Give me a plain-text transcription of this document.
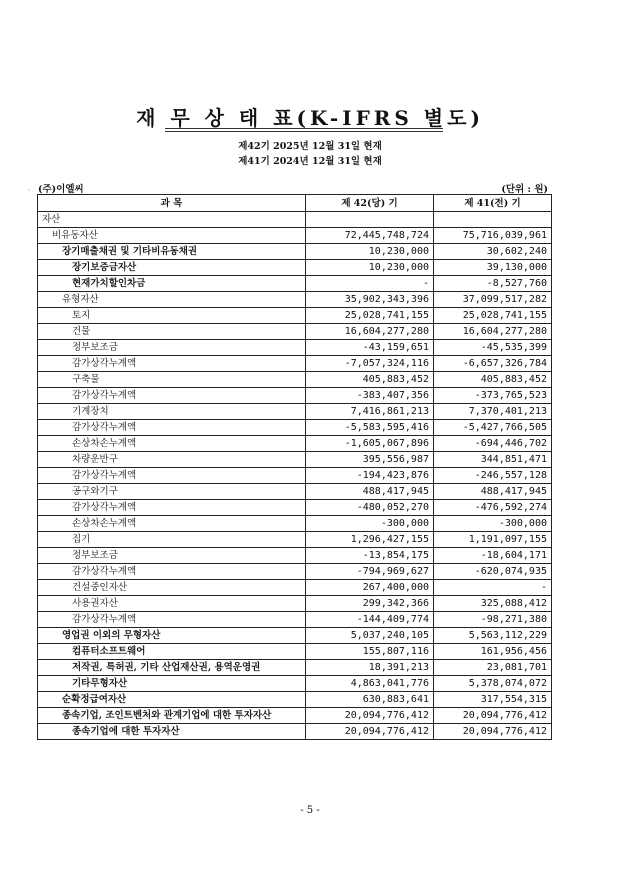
재 무 상 태 표(K-IFRS 별도)
제42기 2025년 12월 31일 현재
제41기 2024년 12월 31일 현재
ˏ (주)이엘씨	(단위 : 원)
과 목	제 42(당) 기	제 41(전) 기
자산		
비유동자산	72,445,748,724	75,716,039,961
장기매출채권 및 기타비유동채권	10,230,000	30,602,240
장기보증금자산	10,230,000	39,130,000
현재가치할인차금	-	-8,527,760
유형자산	35,902,343,396	37,099,517,282
토지	25,028,741,155	25,028,741,155
건물	16,604,277,280	16,604,277,280
정부보조금	-43,159,651	-45,535,399
감가상각누계액	-7,057,324,116	-6,657,326,784
구축물	405,883,452	405,883,452
감가상각누계액	-383,407,356	-373,765,523
기계장치	7,416,861,213	7,370,401,213
감가상각누계액	-5,583,595,416	-5,427,766,505
손상차손누계액	-1,605,067,896	-694,446,702
차량운반구	395,556,987	344,851,471
감가상각누계액	-194,423,876	-246,557,128
공구와기구	488,417,945	488,417,945
감가상각누계액	-480,052,270	-476,592,274
손상차손누계액	-300,000	-300,000
집기	1,296,427,155	1,191,097,155
정부보조금	-13,854,175	-18,604,171
감가상각누계액	-794,969,627	-620,074,935
건설중인자산	267,400,000	-
사용권자산	299,342,366	325,088,412
감가상각누계액	-144,409,774	-98,271,380
영업권 이외의 무형자산	5,037,240,105	5,563,112,229
컴퓨터소프트웨어	155,807,116	161,956,456
저작권, 특허권, 기타 산업재산권, 용역운영권	18,391,213	23,081,701
기타무형자산	4,863,041,776	5,378,074,072
순확정급여자산	630,883,641	317,554,315
종속기업, 조인트벤처와 관계기업에 대한 투자자산	20,094,776,412	20,094,776,412
종속기업에 대한 투자자산	20,094,776,412	20,094,776,412
- 5 -
